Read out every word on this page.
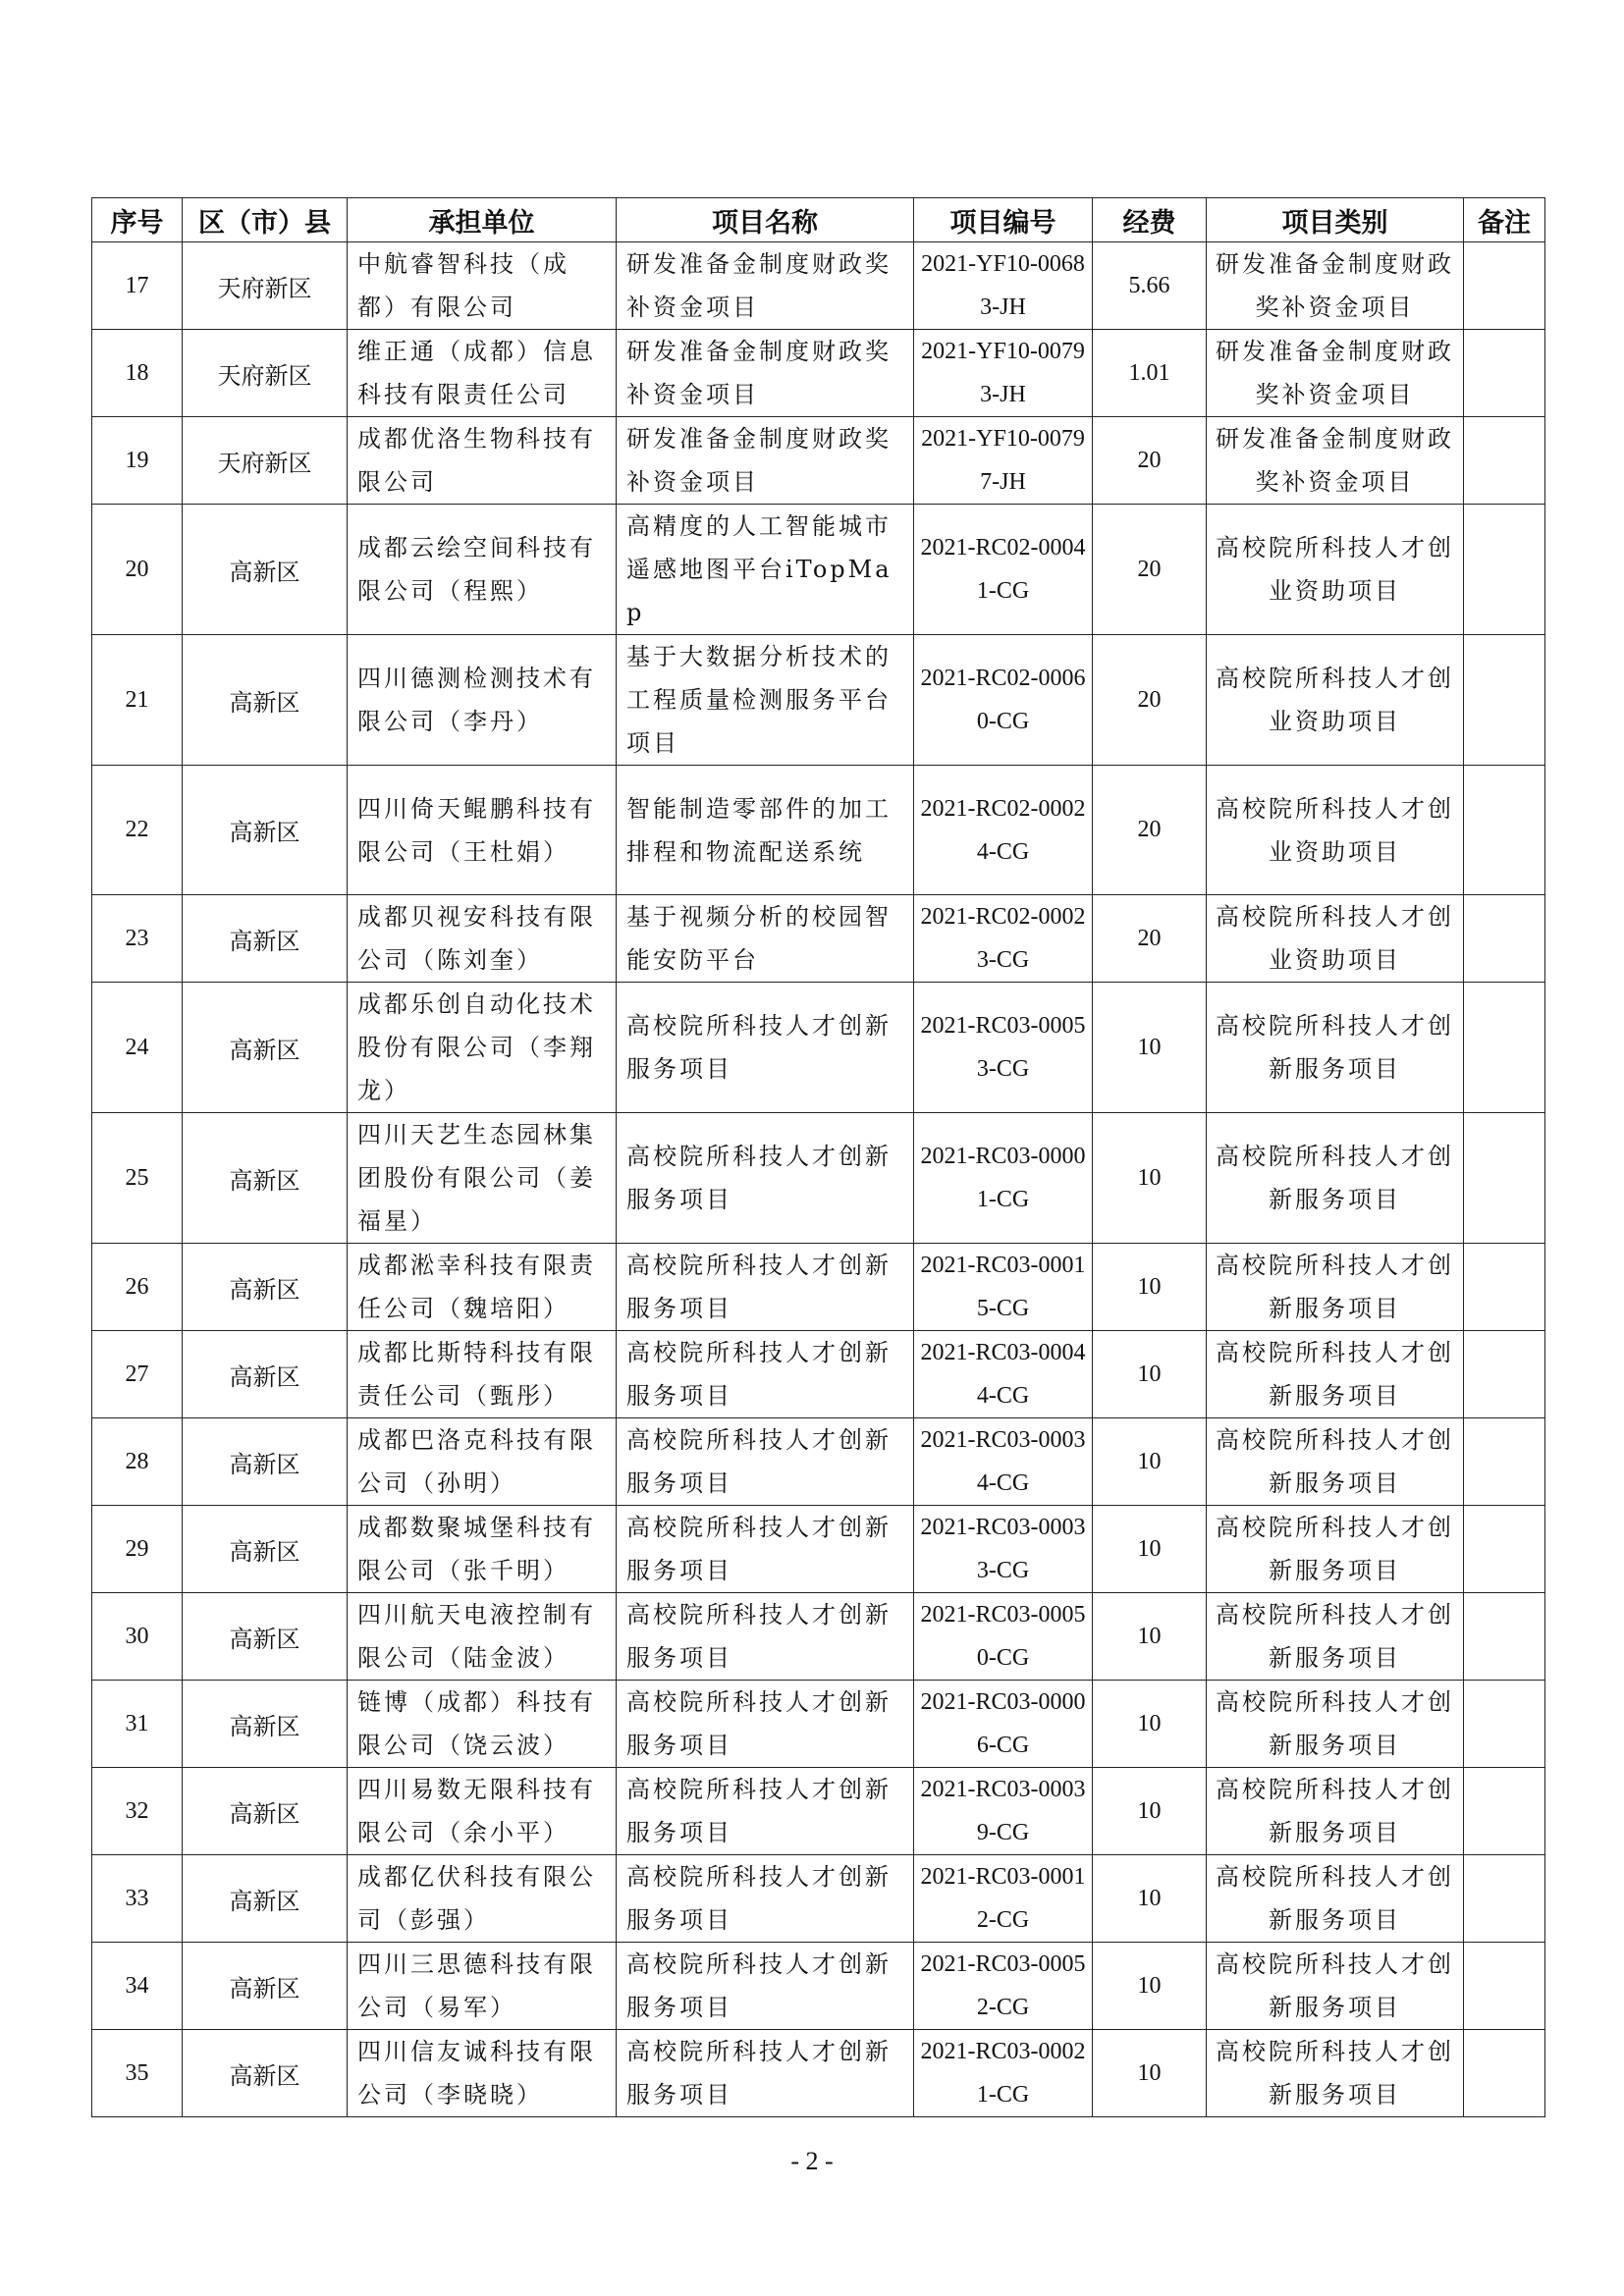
序号	区（市）县	承担单位	项目名称	项目编号	经费	项目类别	备注
17	天府新区	中航睿智科技（成都）有限公司	研发准备金制度财政奖补资金项目	2021-YF10-00683-JH	5.66	研发准备金制度财政奖补资金项目	
18	天府新区	维正通（成都）信息科技有限责任公司	研发准备金制度财政奖补资金项目	2021-YF10-00793-JH	1.01	研发准备金制度财政奖补资金项目	
19	天府新区	成都优洛生物科技有限公司	研发准备金制度财政奖补资金项目	2021-YF10-00797-JH	20	研发准备金制度财政奖补资金项目	
20	高新区	成都云绘空间科技有限公司（程熙）	高精度的人工智能城市遥感地图平台iTopMap	2021-RC02-00041-CG	20	高校院所科技人才创业资助项目	
21	高新区	四川德测检测技术有限公司（李丹）	基于大数据分析技术的工程质量检测服务平台项目	2021-RC02-00060-CG	20	高校院所科技人才创业资助项目	
22	高新区	四川倚天鲲鹏科技有限公司（王杜娟）	智能制造零部件的加工排程和物流配送系统	2021-RC02-00024-CG	20	高校院所科技人才创业资助项目	
23	高新区	成都贝视安科技有限公司（陈刘奎）	基于视频分析的校园智能安防平台	2021-RC02-00023-CG	20	高校院所科技人才创业资助项目	
24	高新区	成都乐创自动化技术股份有限公司（李翔龙）	高校院所科技人才创新服务项目	2021-RC03-00053-CG	10	高校院所科技人才创新服务项目	
25	高新区	四川天艺生态园林集团股份有限公司（姜福星）	高校院所科技人才创新服务项目	2021-RC03-00001-CG	10	高校院所科技人才创新服务项目	
26	高新区	成都淞幸科技有限责任公司（魏培阳）	高校院所科技人才创新服务项目	2021-RC03-00015-CG	10	高校院所科技人才创新服务项目	
27	高新区	成都比斯特科技有限责任公司（甄彤）	高校院所科技人才创新服务项目	2021-RC03-00044-CG	10	高校院所科技人才创新服务项目	
28	高新区	成都巴洛克科技有限公司（孙明）	高校院所科技人才创新服务项目	2021-RC03-00034-CG	10	高校院所科技人才创新服务项目	
29	高新区	成都数聚城堡科技有限公司（张千明）	高校院所科技人才创新服务项目	2021-RC03-00033-CG	10	高校院所科技人才创新服务项目	
30	高新区	四川航天电液控制有限公司（陆金波）	高校院所科技人才创新服务项目	2021-RC03-00050-CG	10	高校院所科技人才创新服务项目	
31	高新区	链博（成都）科技有限公司（饶云波）	高校院所科技人才创新服务项目	2021-RC03-00006-CG	10	高校院所科技人才创新服务项目	
32	高新区	四川易数无限科技有限公司（余小平）	高校院所科技人才创新服务项目	2021-RC03-00039-CG	10	高校院所科技人才创新服务项目	
33	高新区	成都亿伏科技有限公司（彭强）	高校院所科技人才创新服务项目	2021-RC03-00012-CG	10	高校院所科技人才创新服务项目	
34	高新区	四川三思德科技有限公司（易军）	高校院所科技人才创新服务项目	2021-RC03-00052-CG	10	高校院所科技人才创新服务项目	
35	高新区	四川信友诚科技有限公司（李晓晓）	高校院所科技人才创新服务项目	2021-RC03-00021-CG	10	高校院所科技人才创新服务项目	
- 2 -
